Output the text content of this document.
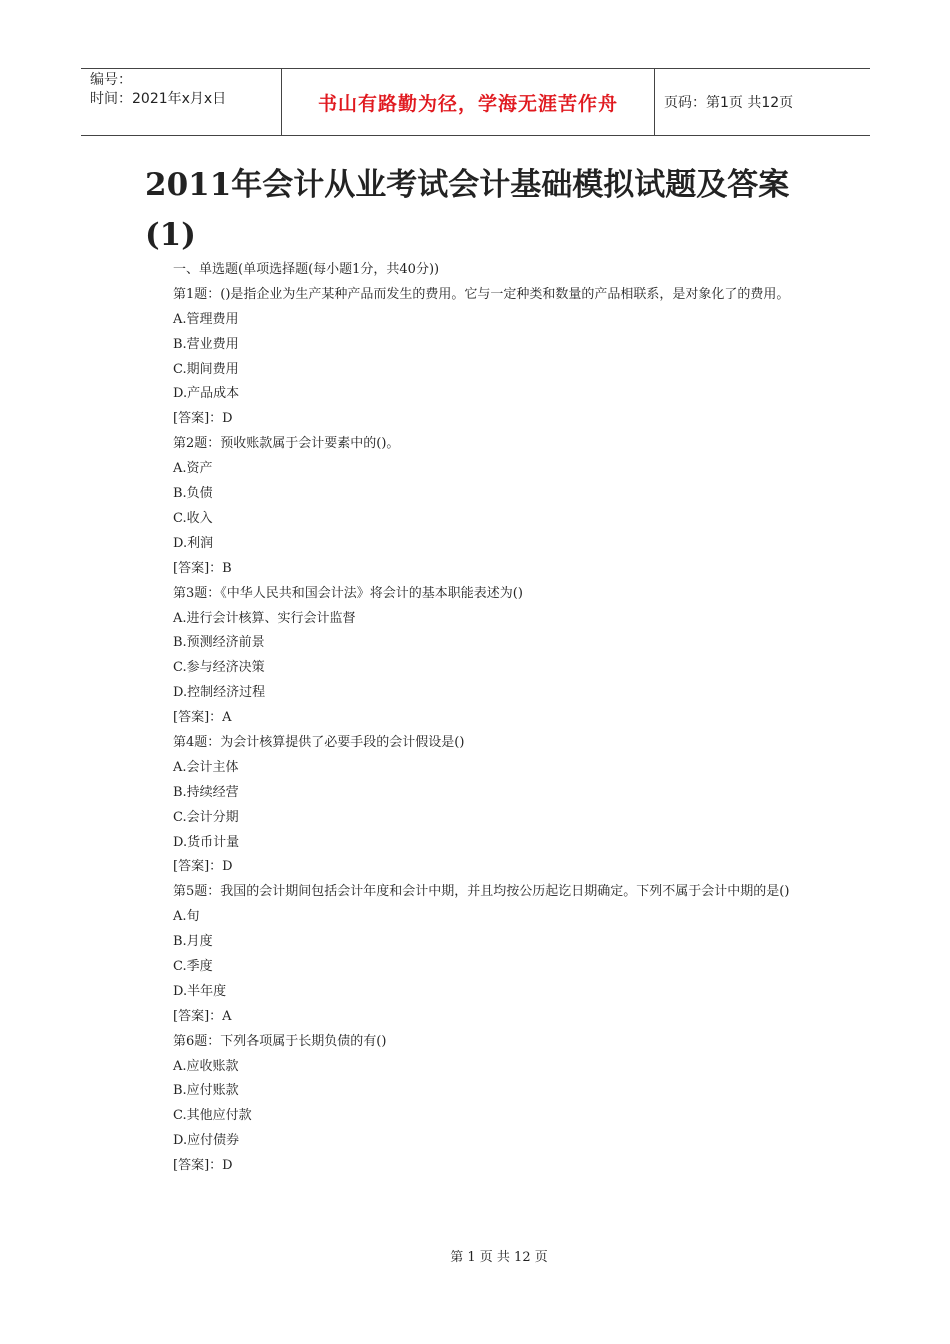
编号：
时间：2021年x月x日	书山有路勤为径，学海无涯苦作舟	页码：第1页 共12页
2011年会计从业考试会计基础模拟试题及答案(1)
一、单选题(单项选择题(每小题1分，共40分))
第1题：()是指企业为生产某种产品而发生的费用。它与一定种类和数量的产品相联系，是对象化了的费用。
A.管理费用
B.营业费用
C.期间费用
D.产品成本
[答案]：D
第2题：预收账款属于会计要素中的()。
A.资产
B.负债
C.收入
D.利润
[答案]：B
第3题：《中华人民共和国会计法》将会计的基本职能表述为()
A.进行会计核算、实行会计监督
B.预测经济前景
C.参与经济决策
D.控制经济过程
[答案]：A
第4题：为会计核算提供了必要手段的会计假设是()
A.会计主体
B.持续经营
C.会计分期
D.货币计量
[答案]：D
第5题：我国的会计期间包括会计年度和会计中期，并且均按公历起讫日期确定。下列不属于会计中期的是()
A.旬
B.月度
C.季度
D.半年度
[答案]：A
第6题：下列各项属于长期负债的有()
A.应收账款
B.应付账款
C.其他应付款
D.应付债券
[答案]：D
第 1 页 共 12 页
